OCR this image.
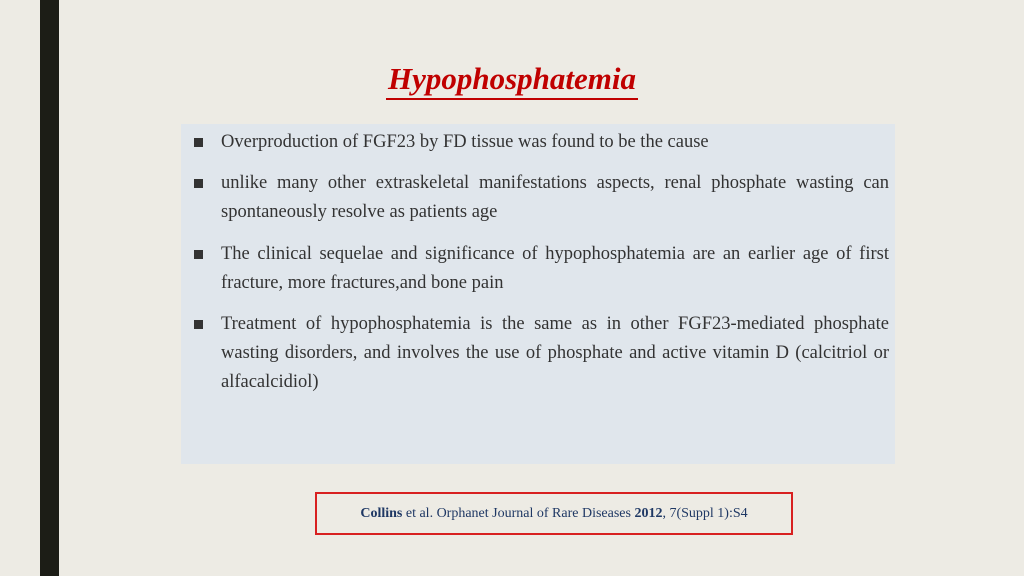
Hypophosphatemia
Overproduction of FGF23 by FD tissue was found to be the cause
unlike many other extraskeletal manifestations aspects, renal phosphate wasting can spontaneously resolve as patients age
The clinical sequelae and significance of hypophosphatemia are an earlier age of first fracture, more fractures,and bone pain
Treatment of hypophosphatemia is the same as in other FGF23-mediated phosphate wasting disorders, and involves the use of phosphate and active vitamin D (calcitriol or alfacalcidiol)
Collins et al. Orphanet Journal of Rare Diseases 2012 , 7(Suppl 1):S4
